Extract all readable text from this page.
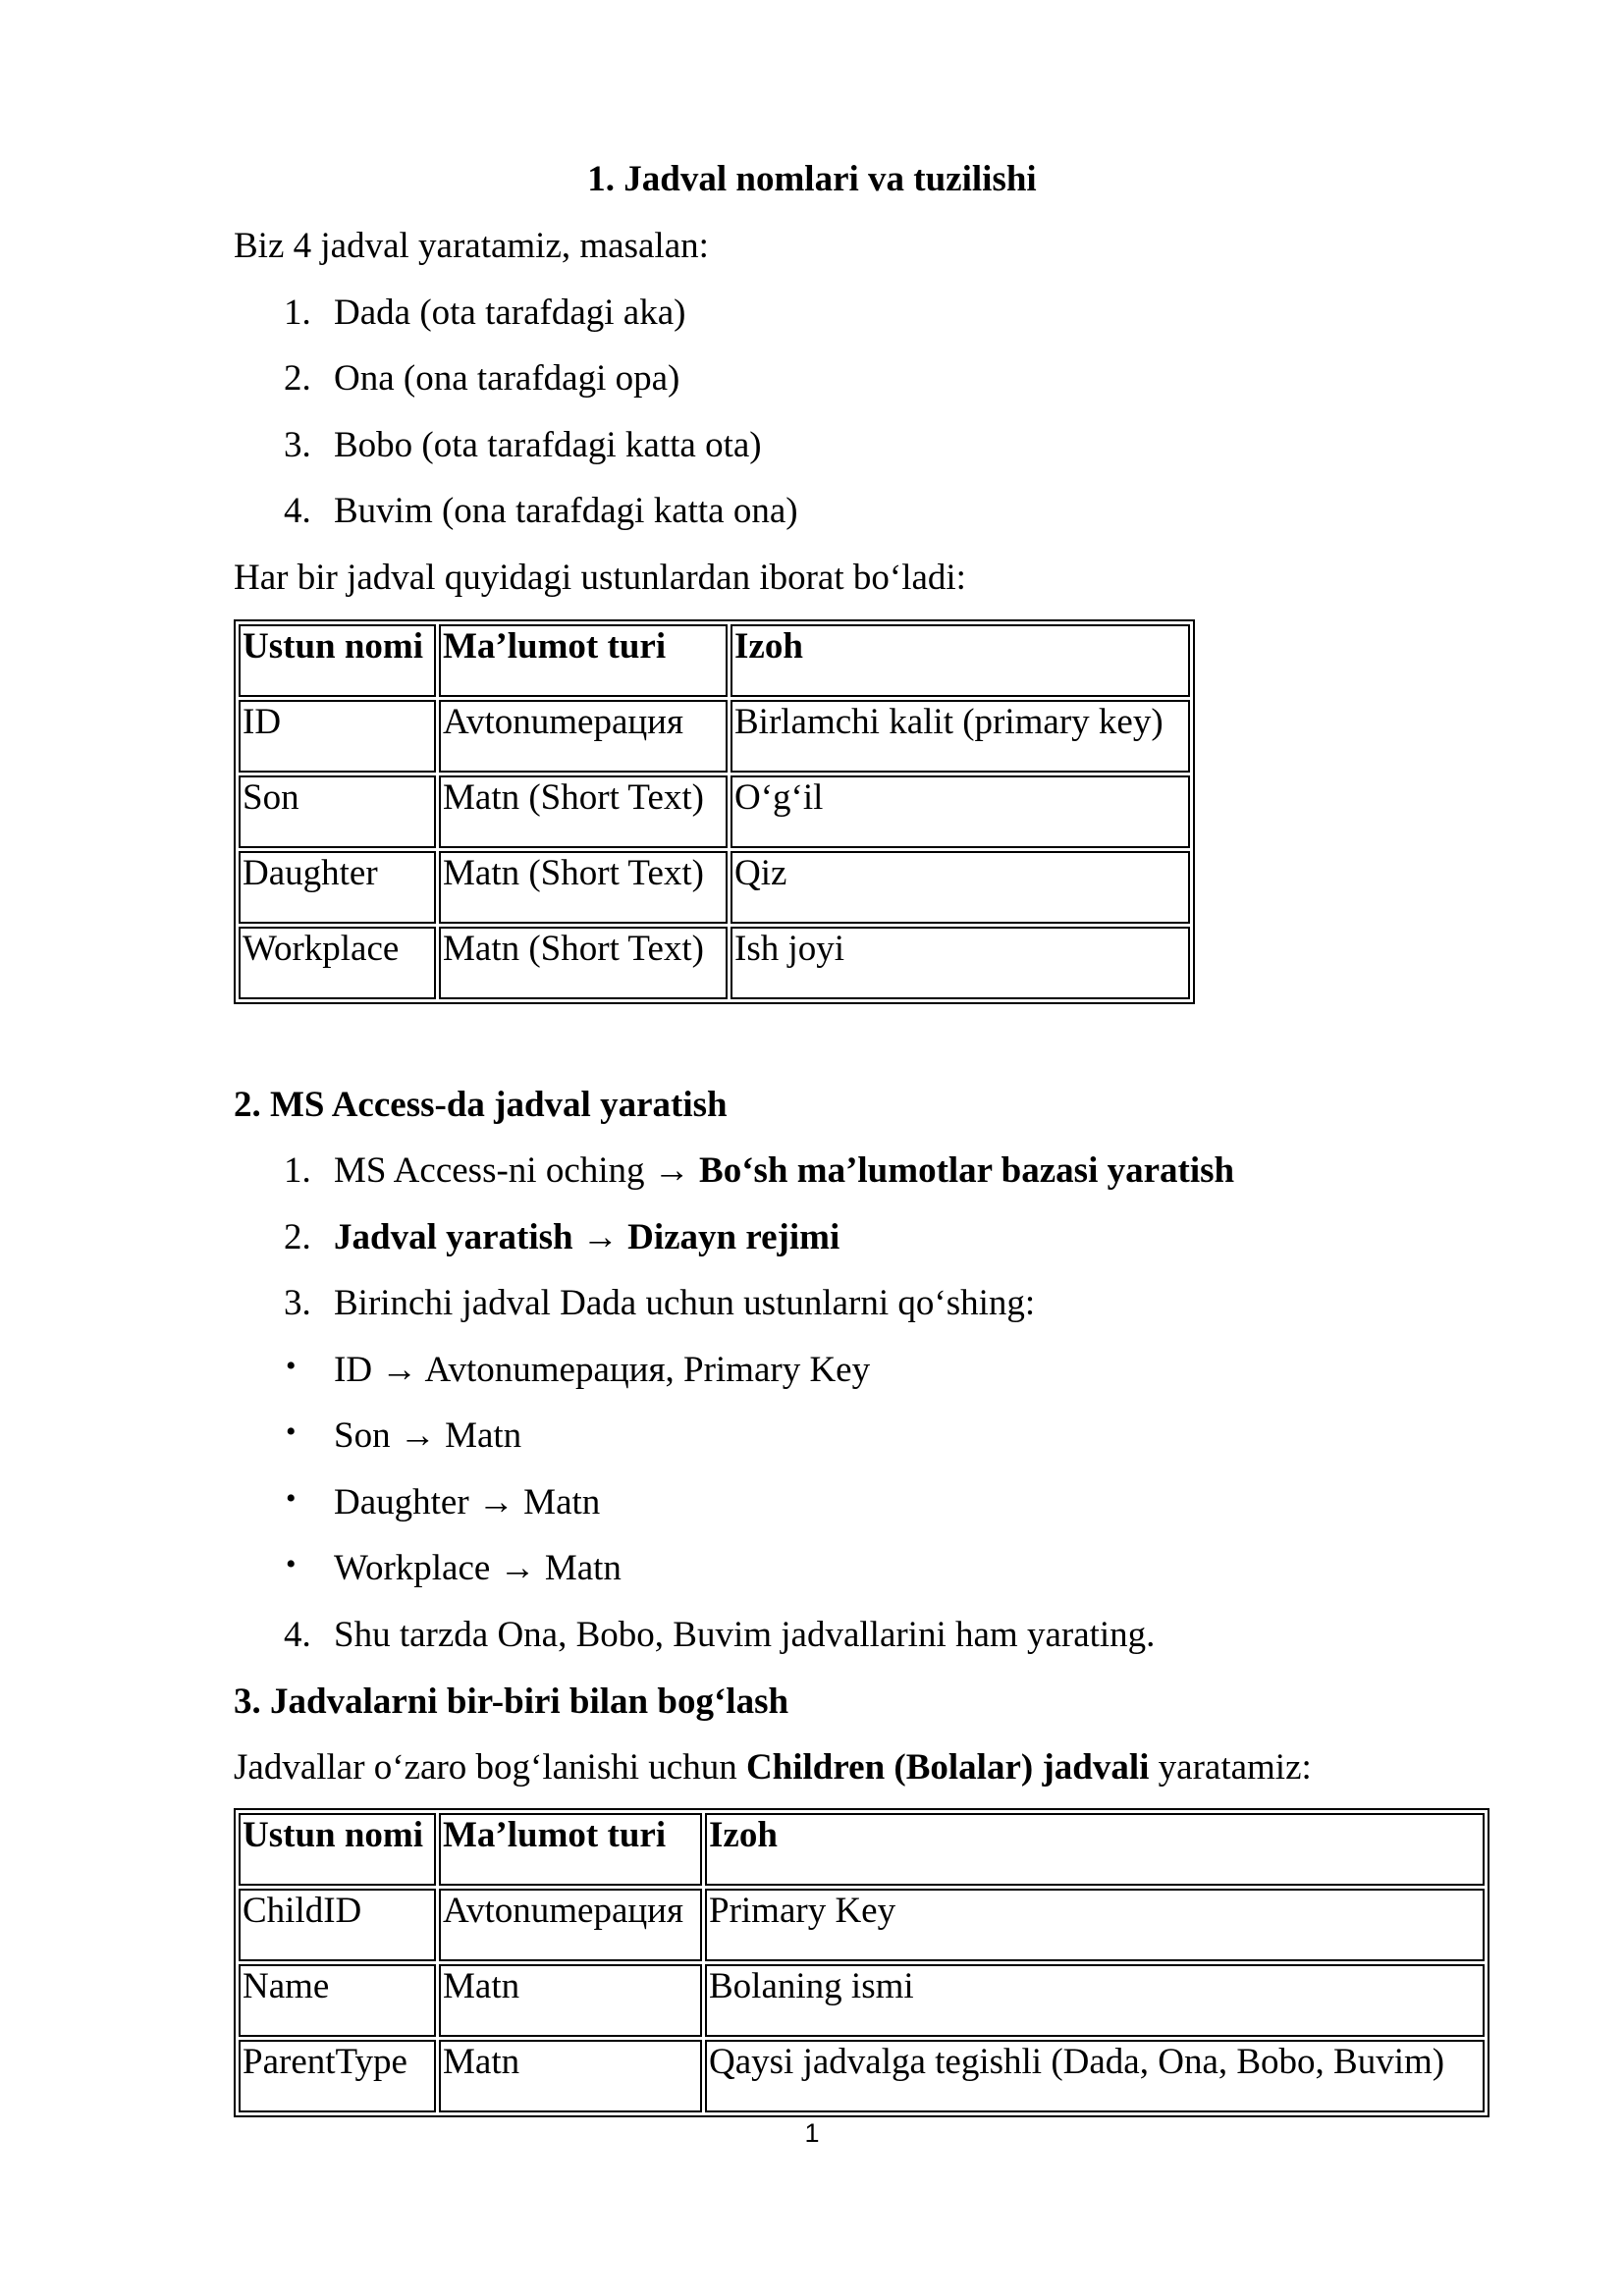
1. Jadval nomlari va tuzilishi
Biz 4 jadval yaratamiz, masalan:
1. Dada (ota tarafdagi aka)
2. Ona (ona tarafdagi opa)
3. Bobo (ota tarafdagi katta ota)
4. Buvim (ona tarafdagi katta ona)
Har bir jadval quyidagi ustunlardan iborat bo‘ladi:
Ustun nomi	Ma’lumot turi	Izoh
ID	Avtonumeрация	Birlamchi kalit (primary key)
Son	Matn (Short Text)	O‘g‘il
Daughter	Matn (Short Text)	Qiz
Workplace	Matn (Short Text)	Ish joyi
2. MS Access-da jadval yaratish
1. MS Access-ni oching → Bo‘sh ma’lumotlar bazasi yaratish
2. Jadval yaratish → Dizayn rejimi
3. Birinchi jadval Dada uchun ustunlarni qo‘shing:
• ID → Avtonumeрация, Primary Key
• Son → Matn
• Daughter → Matn
• Workplace → Matn
4. Shu tarzda Ona, Bobo, Buvim jadvallarini ham yarating.
3. Jadvalarni bir-biri bilan bog‘lash
Jadvallar o‘zaro bog‘lanishi uchun Children (Bolalar) jadvali yaratamiz:
Ustun nomi	Ma’lumot turi	Izoh
ChildID	Avtonumeрация	Primary Key
Name	Matn	Bolaning ismi
ParentType	Matn	Qaysi jadvalga tegishli (Dada, Ona, Bobo, Buvim)
1
